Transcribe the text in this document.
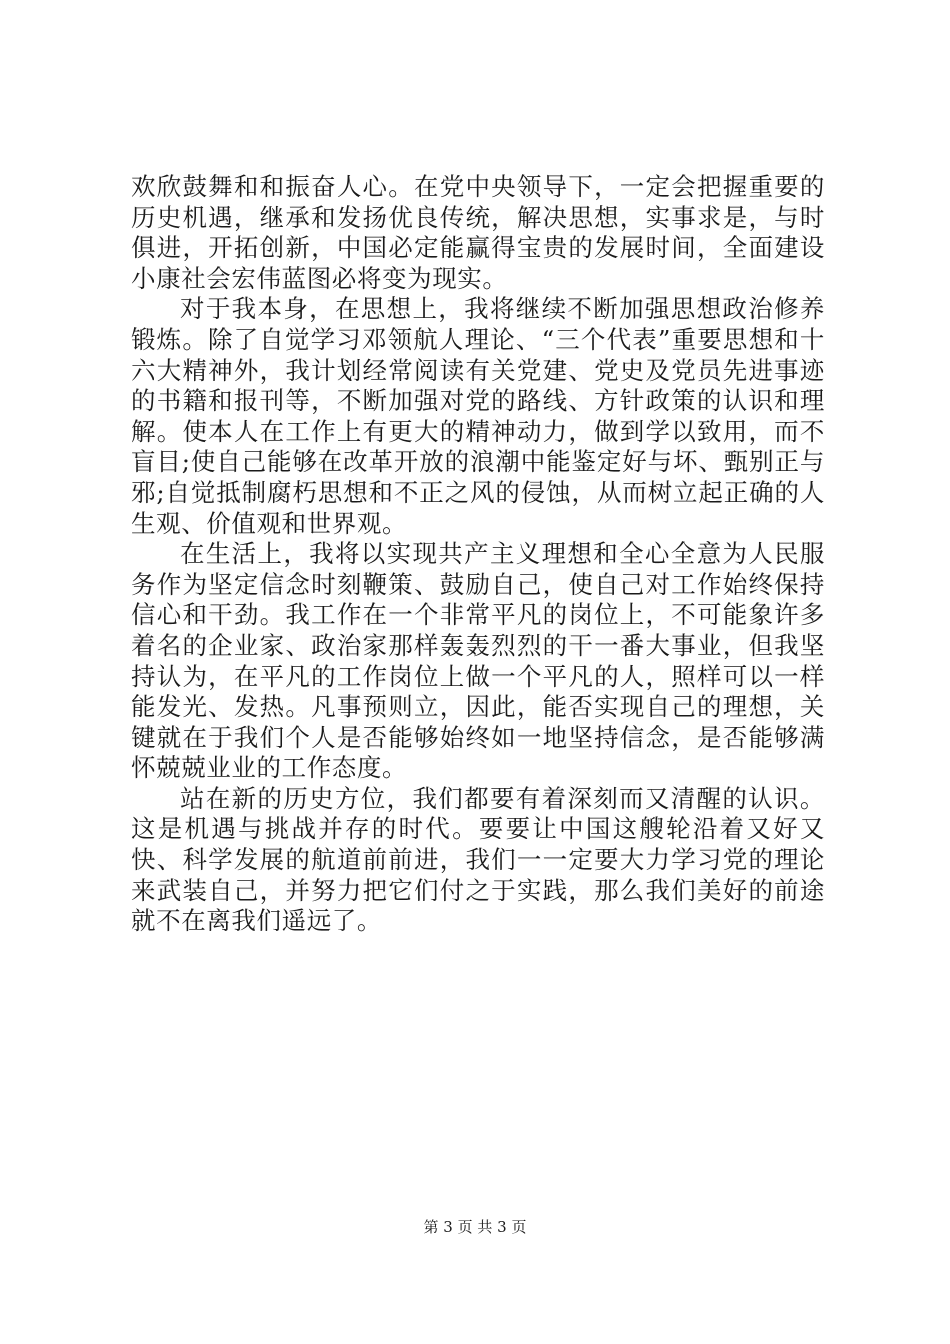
欢欣鼓舞和和振奋人心。在党中央领导下，一定会把握重要的历史机遇，继承和发扬优良传统，解决思想，实事求是，与时俱进，开拓创新，中国必定能赢得宝贵的发展时间，全面建设小康社会宏伟蓝图必将变为现实。

对于我本身，在思想上，我将继续不断加强思想政治修养锻炼。除了自觉学习邓领航人理论、“三个代表”重要思想和十六大精神外，我计划经常阅读有关党建、党史及党员先进事迹的书籍和报刊等，不断加强对党的路线、方针政策的认识和理解。使本人在工作上有更大的精神动力，做到学以致用，而不盲目;使自己能够在改革开放的浪潮中能鉴定好与坏、甄别正与邪;自觉抵制腐朽思想和不正之风的侵蚀，从而树立起正确的人生观、价值观和世界观。

在生活上，我将以实现共产主义理想和全心全意为人民服务作为坚定信念时刻鞭策、鼓励自己，使自己对工作始终保持信心和干劲。我工作在一个非常平凡的岗位上，不可能象许多着名的企业家、政治家那样轰轰烈烈的干一番大事业，但我坚持认为，在平凡的工作岗位上做一个平凡的人，照样可以一样能发光、发热。凡事预则立，因此，能否实现自己的理想，关键就在于我们个人是否能够始终如一地坚持信念，是否能够满怀兢兢业业的工作态度。

站在新的历史方位，我们都要有着深刻而又清醒的认识。这是机遇与挑战并存的时代。要要让中国这艘轮沿着又好又快、科学发展的航道前前进，我们一一定要大力学习党的理论来武装自己，并努力把它们付之于实践，那么我们美好的前途就不在离我们遥远了。

第 3 页 共 3 页
